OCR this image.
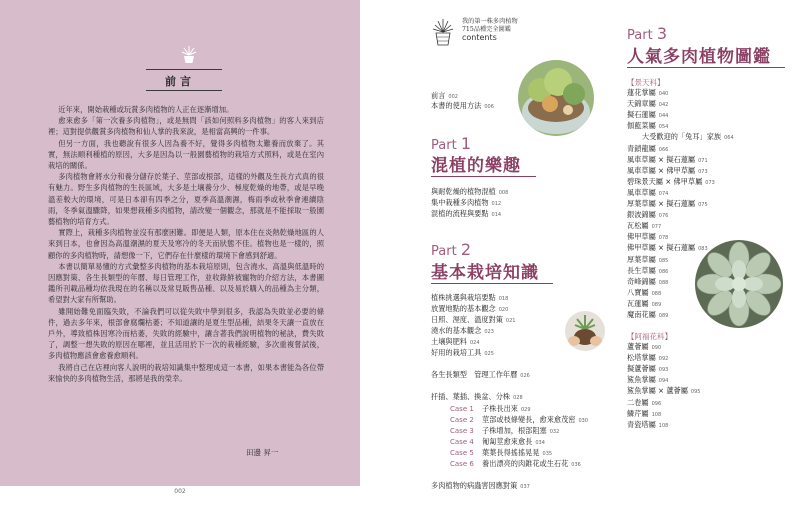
前言

近年來，開始栽種或玩賞多肉植物的人正在逐漸增加。

愈來愈多「第一次養多肉植物」，或是無問「該如何照料多肉植物」的客人來到店裡；這對提供觀賞多肉植物和仙人掌的我來說，是相當高興的一件事。

但另一方面，我也聽說有很多人因為養不好，覺得多肉植物太難養而放棄了。其實，無法順利種植的原因，大多是因為以一般園藝植物的栽培方式照料，或是在室內栽培的關係。

多肉植物會將水分和養分儲存於葉子、莖部或根部，這樣的外觀及生長方式真的很有魅力。野生多肉植物的生長區域，大多是土壤養分少、極度乾燥的地帶，或是早晚溫差較大的環境，可是日本卻有四季之分，夏季高溫潮濕，梅雨季或秋季會連續陰雨，冬季氣溫驟降，如果想栽種多肉植物，請改變一個觀念，那就是不能採取一般園藝植物的培育方式。

實際上，栽種多肉植物並沒有那麼困難。即便是人類，原本住在炎熱乾燥地區的人來到日本，也會因為高溫潮濕的夏天及寒冷的冬天而狀態不佳。植物也是一樣的，照顧你的多肉植物時，請想像一下，它們存在什麼樣的環境下會感到舒適。

本書以簡單易懂的方式彙整多肉植物的基本栽培原則，包含澆水、高溫與低溫時的因應對策、各生長類型的年曆、每日管理工作，並收錄鮮被寵物的介紹方法，本書圖鑑所刊載品種均依我現在的名稱以及常見販售品種、以及易於購入的品種為主分類，希望對大家有所幫助。

雖開始難免面臨失敗，不論我們可以從失敗中學到很多，我認為失敗並必要的條件，過去多年來，根部會腐爛枯萎；不知道讓的是夏生型品種，結果冬天讓一直放在戶外，導致植株因寒冷而枯萎，失敗的經驗中，讓含著我們說明植物的秘訣，費失敗了，調整一想失敗的原因在哪裡，並且活用於下一次的栽種經驗，多次重複嘗試後，多肉植物應該會愈養愈順利。

我將自己在店裡向客人說明的栽培知識集中整理成這一本書，如果本書能為各位帶來愉快的多肉植物生活，那將是我的榮幸。

田邊 昇一
002
我的第一株多肉植物
715品種完全圖鑑
contents
前言 002
本書的使用方法 006
Part 1
混植的樂趣
與耐乾燥的植物混植 008
集中栽種多肉植物 012
混植的流程與要點 014
Part 2
基本栽培知識
植株挑選與栽培要點 018
放置地點的基本觀念 020
日照、溼度、溫度對策 021
澆水的基本觀念 023
土壤與肥料 024
好用的栽培工具 025
各生長類型　管理工作年曆 026
扦插、葉插、換盆、分株 028
Case 1 子株長出來 029
Case 2 莖部或枝條變長，愈來愈茂密 030
Case 3 子株增加，根部阻塞 032
Case 4 匍匐莖愈來愈長 034
Case 5 葉葉長得搖搖晃晃 035
Case 6 養出漂亮的肉錐花或生石花 036
多肉植物的病蟲害因應對策 037
Part 3
人氣多肉植物圖鑑
【景天科】
蓮花掌屬 040
天錦章屬 042
擬石蓮屬 044
伽藍菜屬 054
大受歡迎的「兔耳」家族 064
青鎖龍屬 066
風車草屬 × 擬石蓮屬 071
風車草屬 × 佛甲草屬 073
碧珠景天屬 × 佛甲草屬 073
風車草屬 074
厚葉草屬 × 擬石蓮屬 075
銀波錦屬 076
瓦松屬 077
佛甲草屬 078
佛甲草屬 × 擬石蓮屬 083
厚葉草屬 085
長生草屬 086
奇峰錦屬 088
八寶屬 088
瓦蓮屬 089
魔南花屬 089
【阿福花科】
蘆薈屬 090
松塔掌屬 092
擬蘆薈屬 093
鯊魚掌屬 094
鯊魚掌屬 × 蘆薈屬 095
二卷屬 096
鱗芹屬 108
青瓷塔屬 108
